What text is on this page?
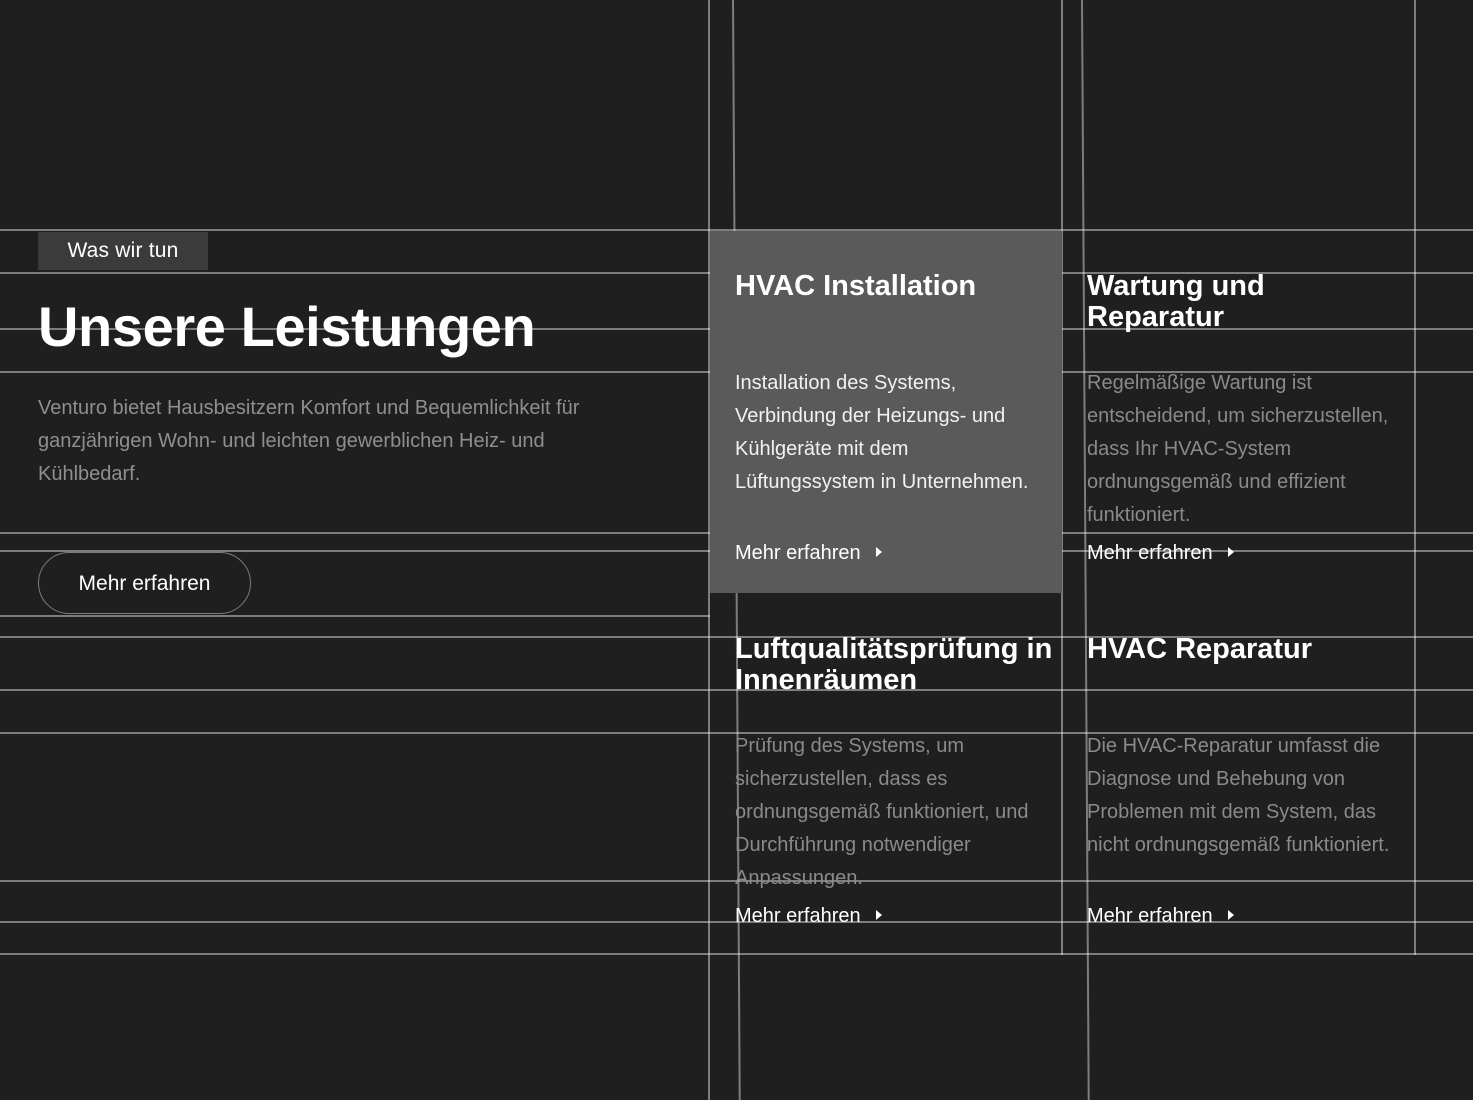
Was wir tun
Unsere Leistungen

Venturo bietet Hausbesitzern Komfort und Bequemlichkeit für ganzjährigen Wohn- und leichten gewerblichen Heiz- und Kühlbedarf.

Mehr erfahren
HVAC Installation

Installation des Systems, Verbindung der Heizungs- und Kühlgeräte mit dem Lüftungssystem in Unternehmen.

Mehr erfahren
Wartung und Reparatur

Regelmäßige Wartung ist entscheidend, um sicherzustellen, dass Ihr HVAC-System ordnungsgemäß und effizient funktioniert.

Mehr erfahren
Luftqualitätsprüfung in Innenräumen

Prüfung des Systems, um sicherzustellen, dass es ordnungsgemäß funktioniert, und Durchführung notwendiger Anpassungen.

Mehr erfahren
HVAC Reparatur

Die HVAC-Reparatur umfasst die Diagnose und Behebung von Problemen mit dem System, das nicht ordnungsgemäß funktioniert.

Mehr erfahren
